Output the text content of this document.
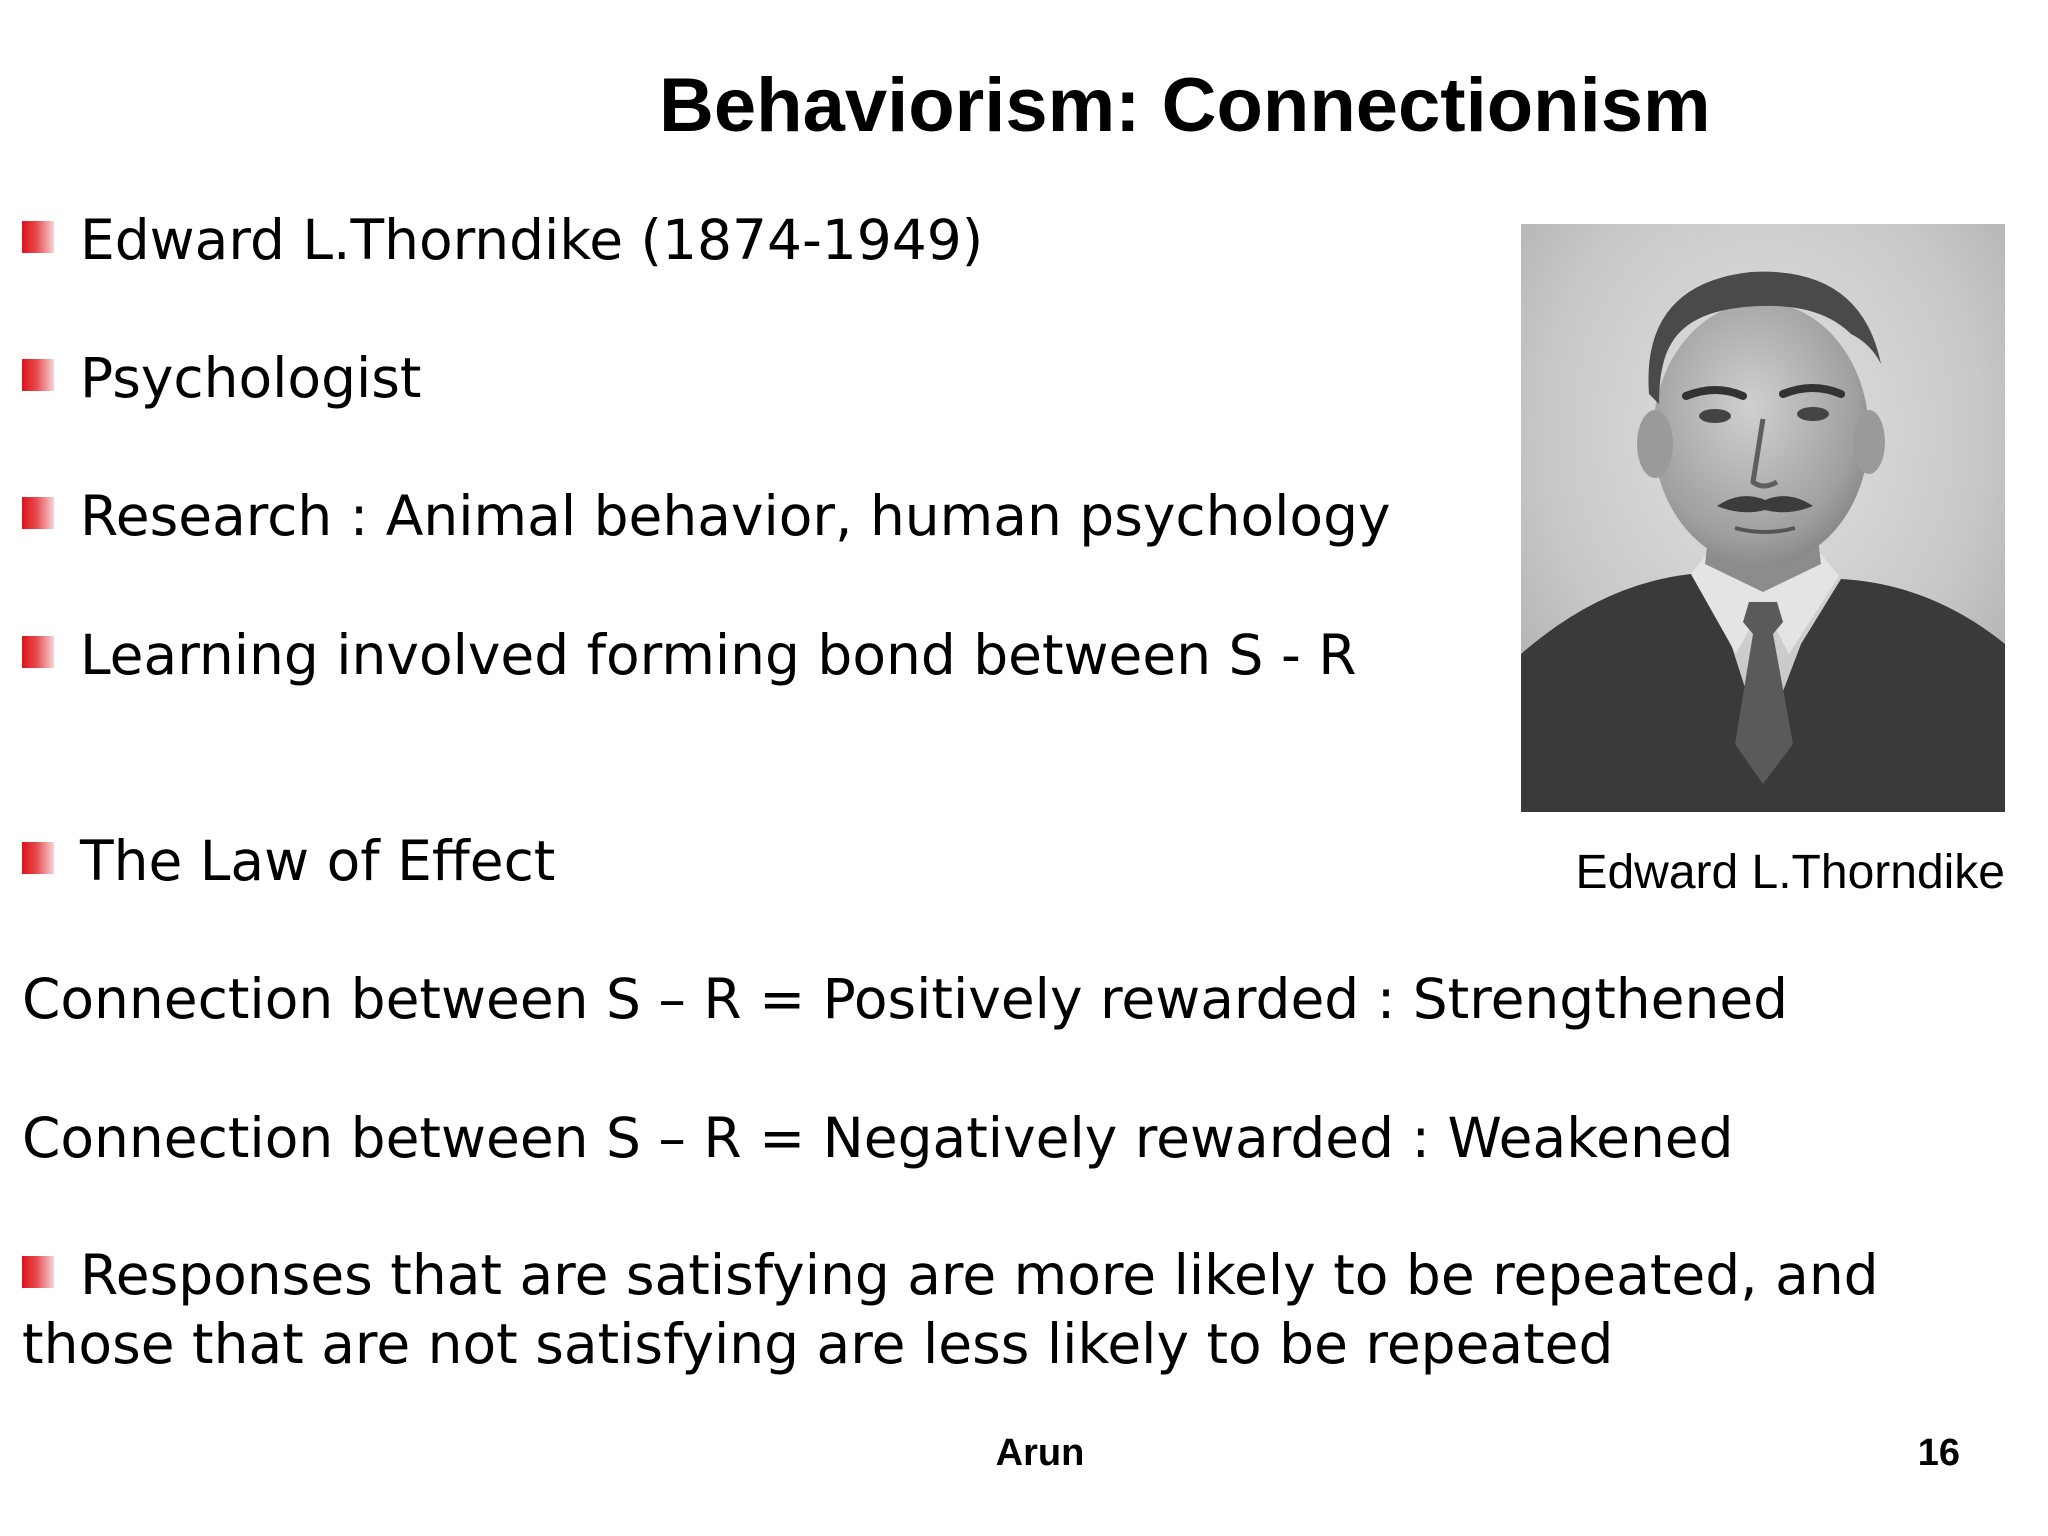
Behaviorism: Connectionism
Edward L.Thorndike (1874-1949)
Psychologist
Research : Animal behavior, human psychology
Learning involved forming bond between S - R
The Law of Effect
Connection between S – R = Positively rewarded : Strengthened
Connection between S – R = Negatively rewarded : Weakened
Responses that are satisfying are more likely to be repeated, and those that are not satisfying are less likely to be repeated
Edward L.Thorndike
Arun	16
